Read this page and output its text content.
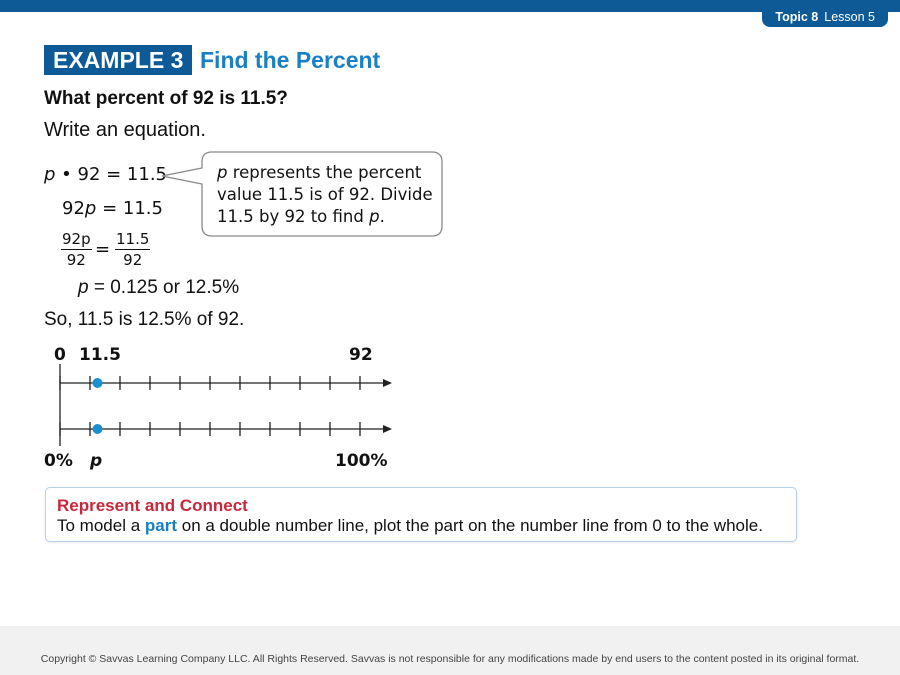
Topic 8 Lesson 5
EXAMPLE 3 Find the Percent
What percent of 92 is 11.5?
Write an equation.
p • 92 = 11.5
92p = 11.5
$\frac{92p}{92} = \frac{11.5}{92}$
p represents the percent value 11.5 is of 92. Divide 11.5 by 92 to find p.
p = 0.125 or 12.5%
So, 11.5 is 12.5% of 92.
0 11.5	92
0% p	100%
Represent and Connect
To model a part on a double number line, plot the part on the number line from 0 to the whole.
Copyright © Savvas Learning Company LLC. All Rights Reserved. Savvas is not responsible for any modifications made by end users to the content posted in its original format.
